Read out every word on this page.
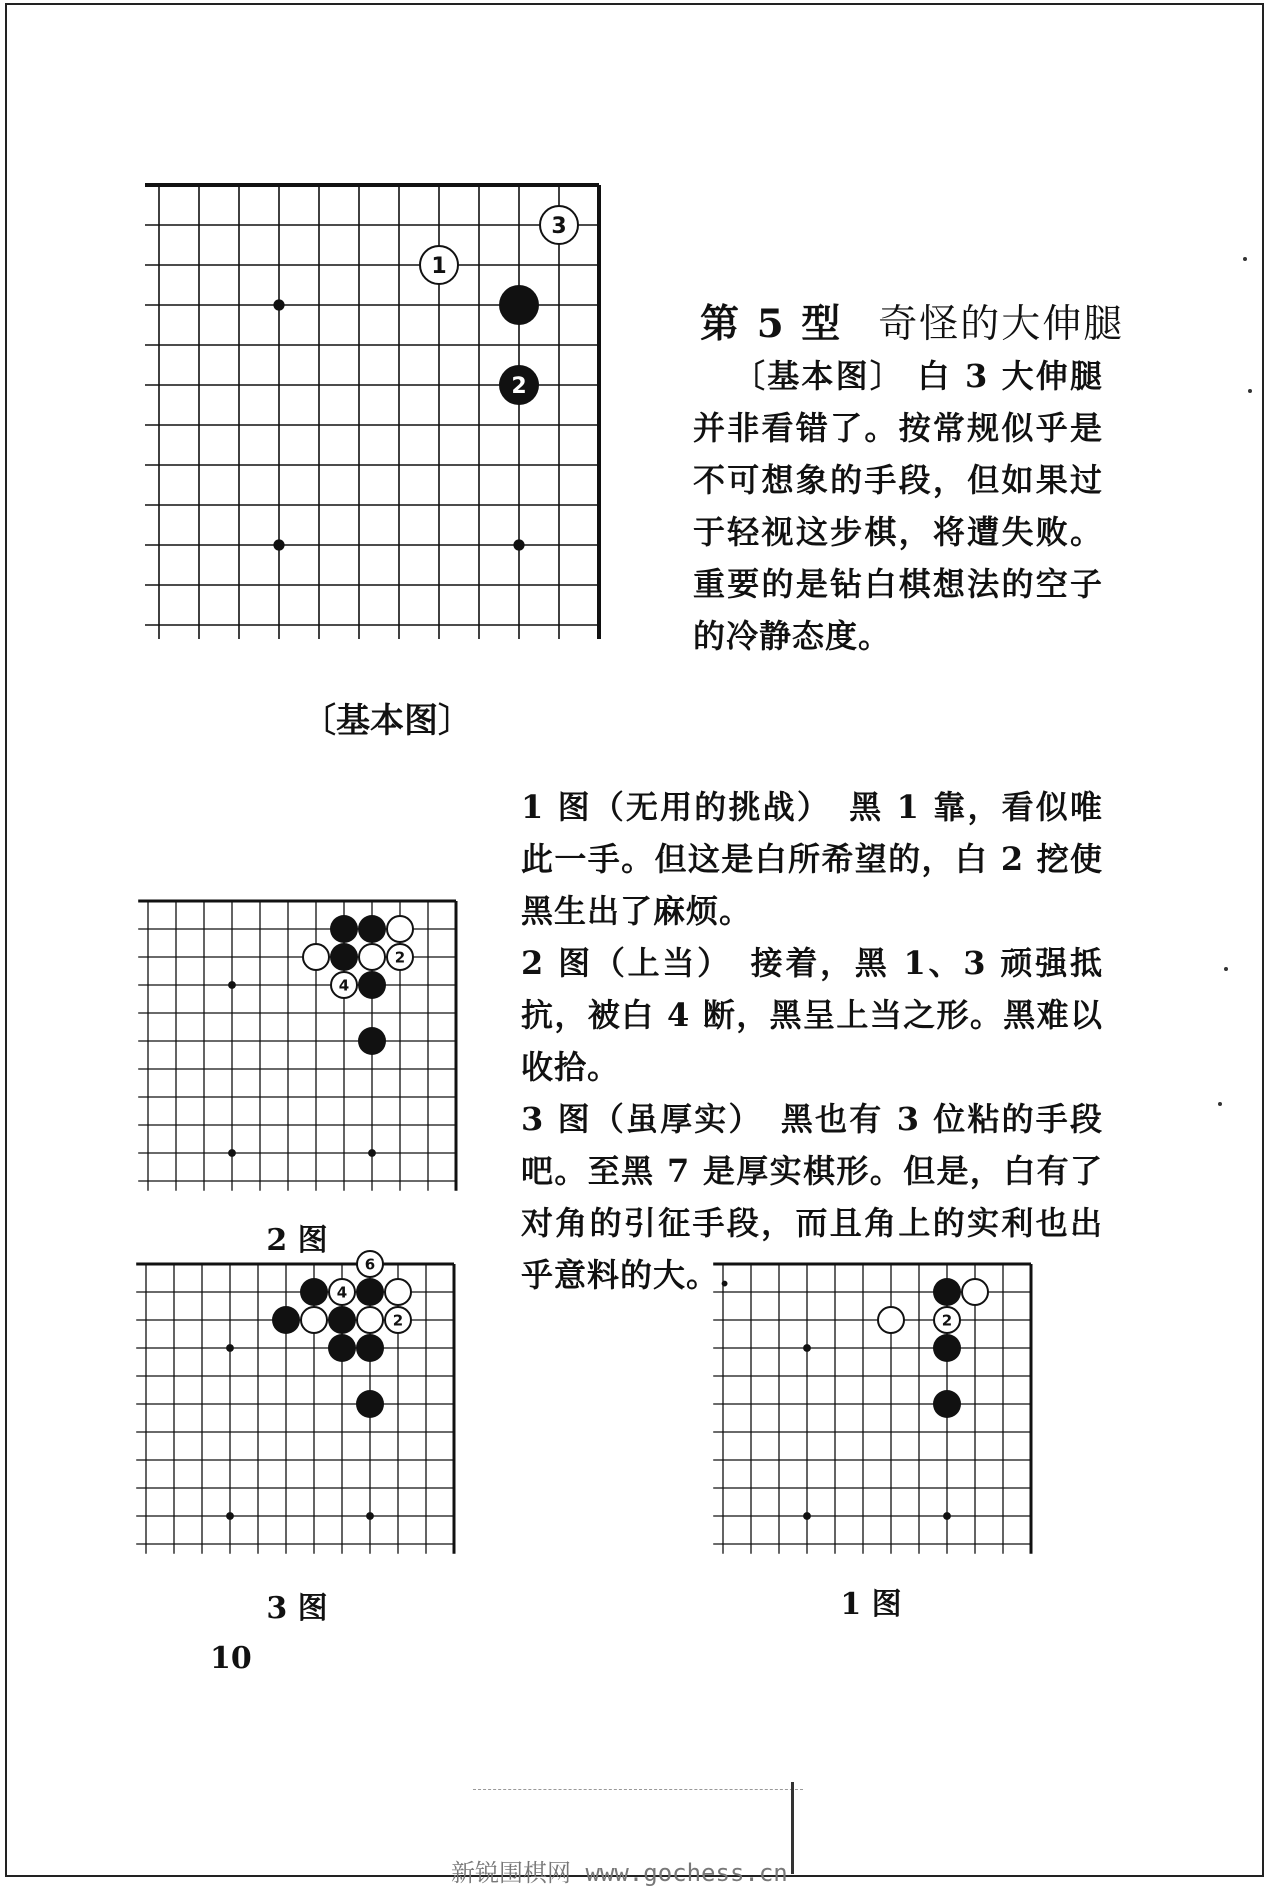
2
1
3
〔基本图〕
第 5 型 奇怪的大伸腿

〔基本图〕 白 3 大伸腿并非看错了。按常规似乎是不可想象的手段，但如果过于轻视这步棋，将遭失败。重要的是钻白棋想法的空子的冷静态度。

1 图（无用的挑战）　 黑 1 靠，看似唯此一手。但这是白所希望的，白 2 挖使黑生出了麻烦。

2 图（上当）　 接着，黑 1、3 顽强抵抗，被白 4 断，黑呈上当之形。黑难以收拾。

3 图（虽厚实）　 黑也有 3 位粘的手段吧。至黑 7 是厚实棋形。但是，白有了对角的引征手段，而且角上的实利也出乎意料的大。.

2
4
2 图
6
4
2
3 图
2
1 图
10
新锐围棋网 www.gochess.cn
